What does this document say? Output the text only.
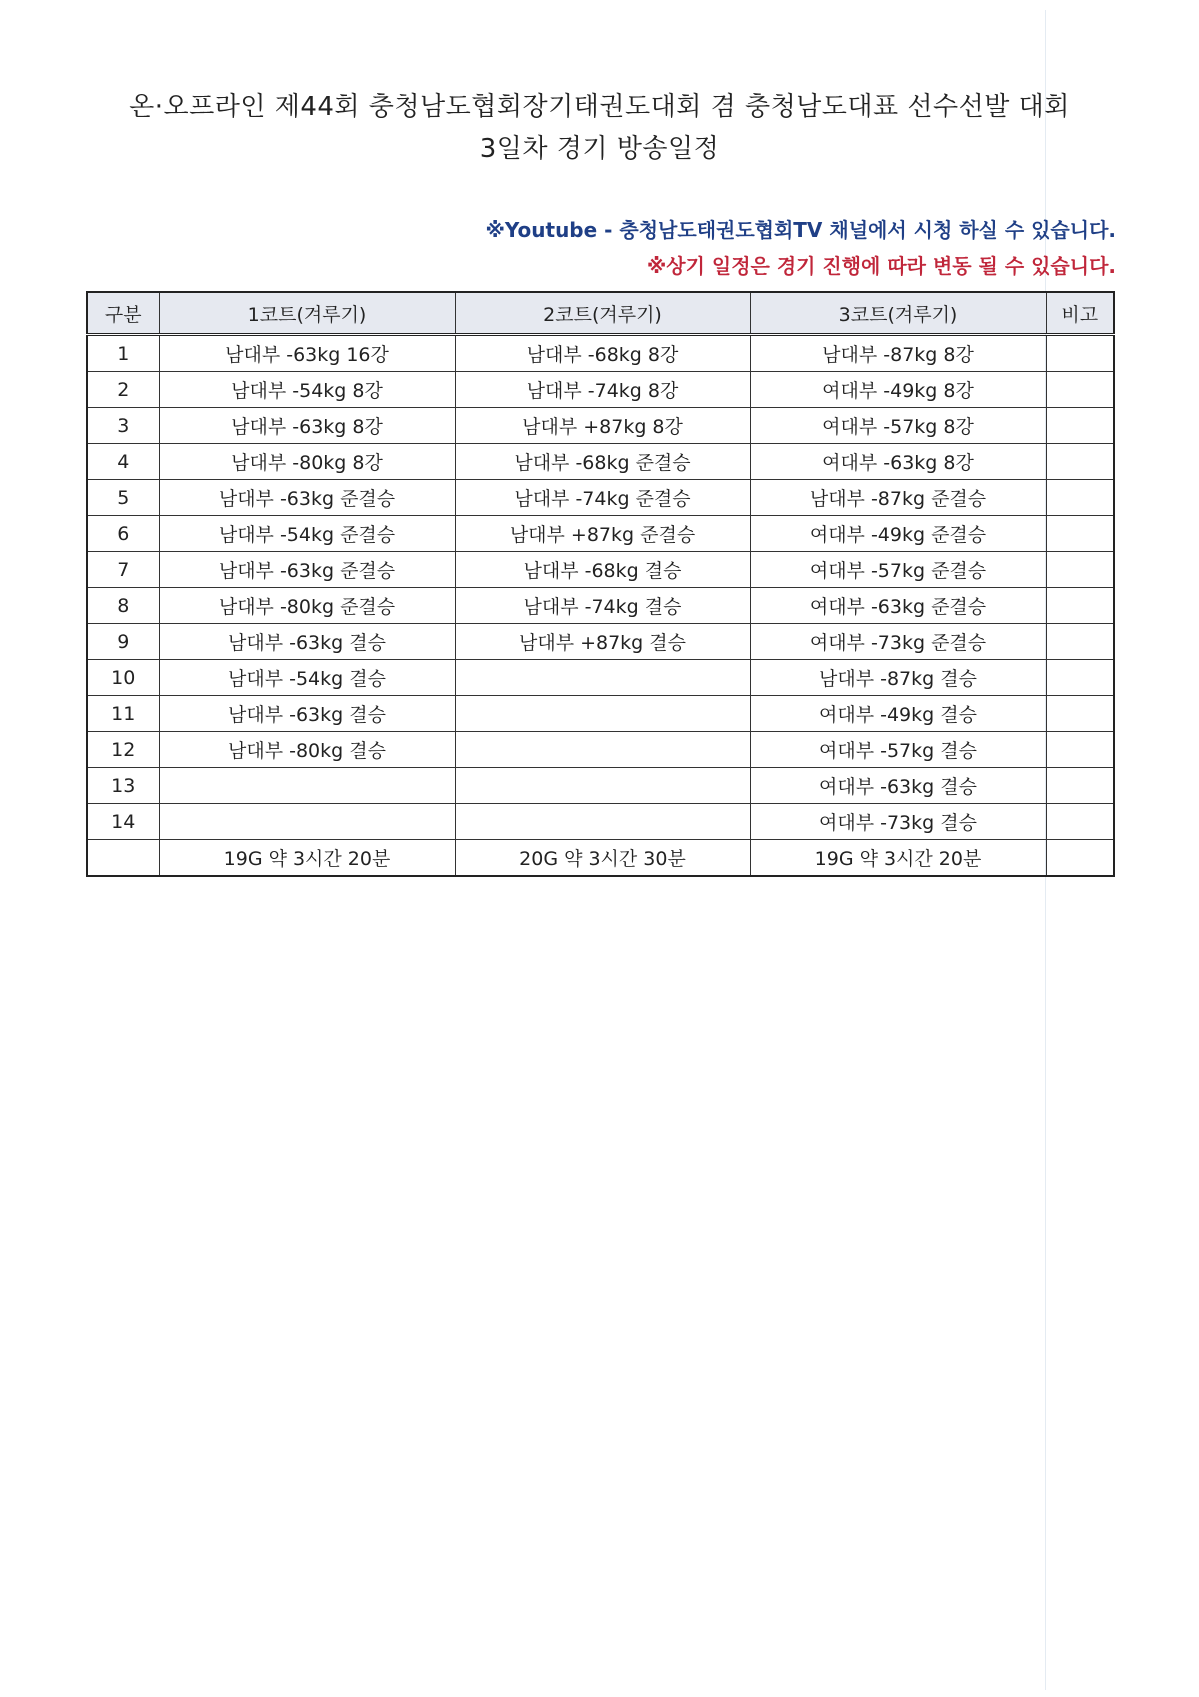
온·오프라인 제44회 충청남도협회장기태권도대회 겸 충청남도대표 선수선발 대회
3일차 경기 방송일정
※Youtube - 충청남도태권도협회TV 채널에서 시청 하실 수 있습니다.
※상기 일정은 경기 진행에 따라 변동 될 수 있습니다.
구분	1코트(겨루기)	2코트(겨루기)	3코트(겨루기)	비고
1	남대부 -63kg 16강	남대부 -68kg 8강	남대부 -87kg 8강	
2	남대부 -54kg 8강	남대부 -74kg 8강	여대부 -49kg 8강	
3	남대부 -63kg 8강	남대부 +87kg 8강	여대부 -57kg 8강	
4	남대부 -80kg 8강	남대부 -68kg 준결승	여대부 -63kg 8강	
5	남대부 -63kg 준결승	남대부 -74kg 준결승	남대부 -87kg 준결승	
6	남대부 -54kg 준결승	남대부 +87kg 준결승	여대부 -49kg 준결승	
7	남대부 -63kg 준결승	남대부 -68kg 결승	여대부 -57kg 준결승	
8	남대부 -80kg 준결승	남대부 -74kg 결승	여대부 -63kg 준결승	
9	남대부 -63kg 결승	남대부 +87kg 결승	여대부 -73kg 준결승	
10	남대부 -54kg 결승		남대부 -87kg 결승	
11	남대부 -63kg 결승		여대부 -49kg 결승	
12	남대부 -80kg 결승		여대부 -57kg 결승	
13			여대부 -63kg 결승	
14			여대부 -73kg 결승	
	19G 약 3시간 20분	20G 약 3시간 30분	19G 약 3시간 20분	
